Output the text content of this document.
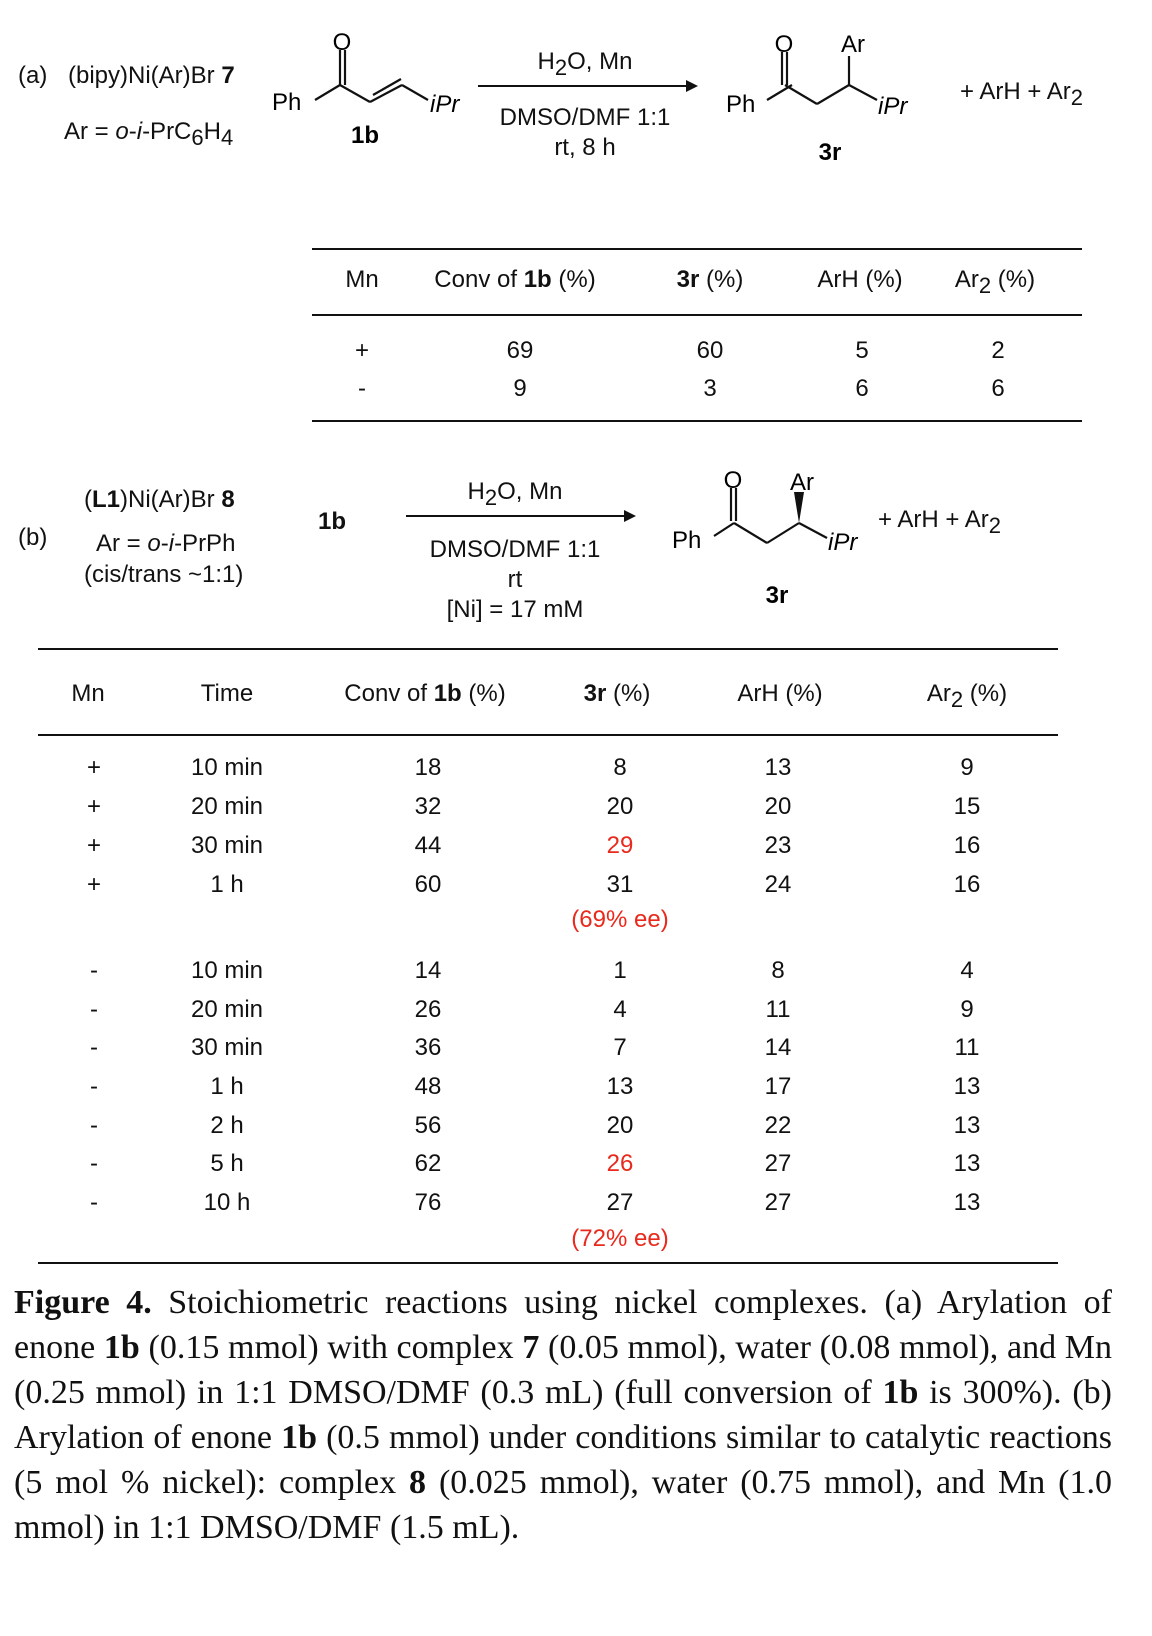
(a) (bipy)Ni(Ar)Br 7
$Ar = o-i-PrC_6H_4$
O
Ph	iPr
1b
$H_2O$, Mn
DMSO/DMF 1:1
rt, 8 h
O Ar
Ph	iPr
3r
+ ArH + $Ar_2$
Mn	Conv of 1b (%)	3r (%)	ArH (%)	$Ar_2$ (%)
+	69	60	5	2
-	9	3	6	6
(b)
(L1)Ni(Ar)Br 8
Ar = o-i-PrPh
(cis/trans ~1:1)
1b
$H_2O$, Mn
DMSO/DMF 1:1
rt
[Ni] = 17 mM
O Ar
Ph	iPr
3r
+ ArH + $Ar_2$
Mn	Time	Conv of 1b (%)	3r (%)	ArH (%)	$Ar_2$ (%)
+	10 min	18	8	13	9
+	20 min	32	20	20	15
+	30 min	44	29	23	16
+	1 h	60	31	24	16
(69% ee)
-	10 min	14	1	8	4
-	20 min	26	4	11	9
-	30 min	36	7	14	11
-	1 h	48	13	17	13
-	2 h	56	20	22	13
-	5 h	62	26	27	13
-	10 h	76	27	27	13
(72% ee)
Figure 4. Stoichiometric reactions using nickel complexes. (a) Arylation of enone 1b (0.15 mmol) with complex 7 (0.05 mmol), water (0.08 mmol), and Mn (0.25 mmol) in 1:1 DMSO/DMF (0.3 mL) (full conversion of 1b is 300%). (b) Arylation of enone 1b (0.5 mmol) under conditions similar to catalytic reactions (5 mol % nickel): complex 8 (0.025 mmol), water (0.75 mmol), and Mn (1.0 mmol) in 1:1 DMSO/DMF (1.5 mL).
